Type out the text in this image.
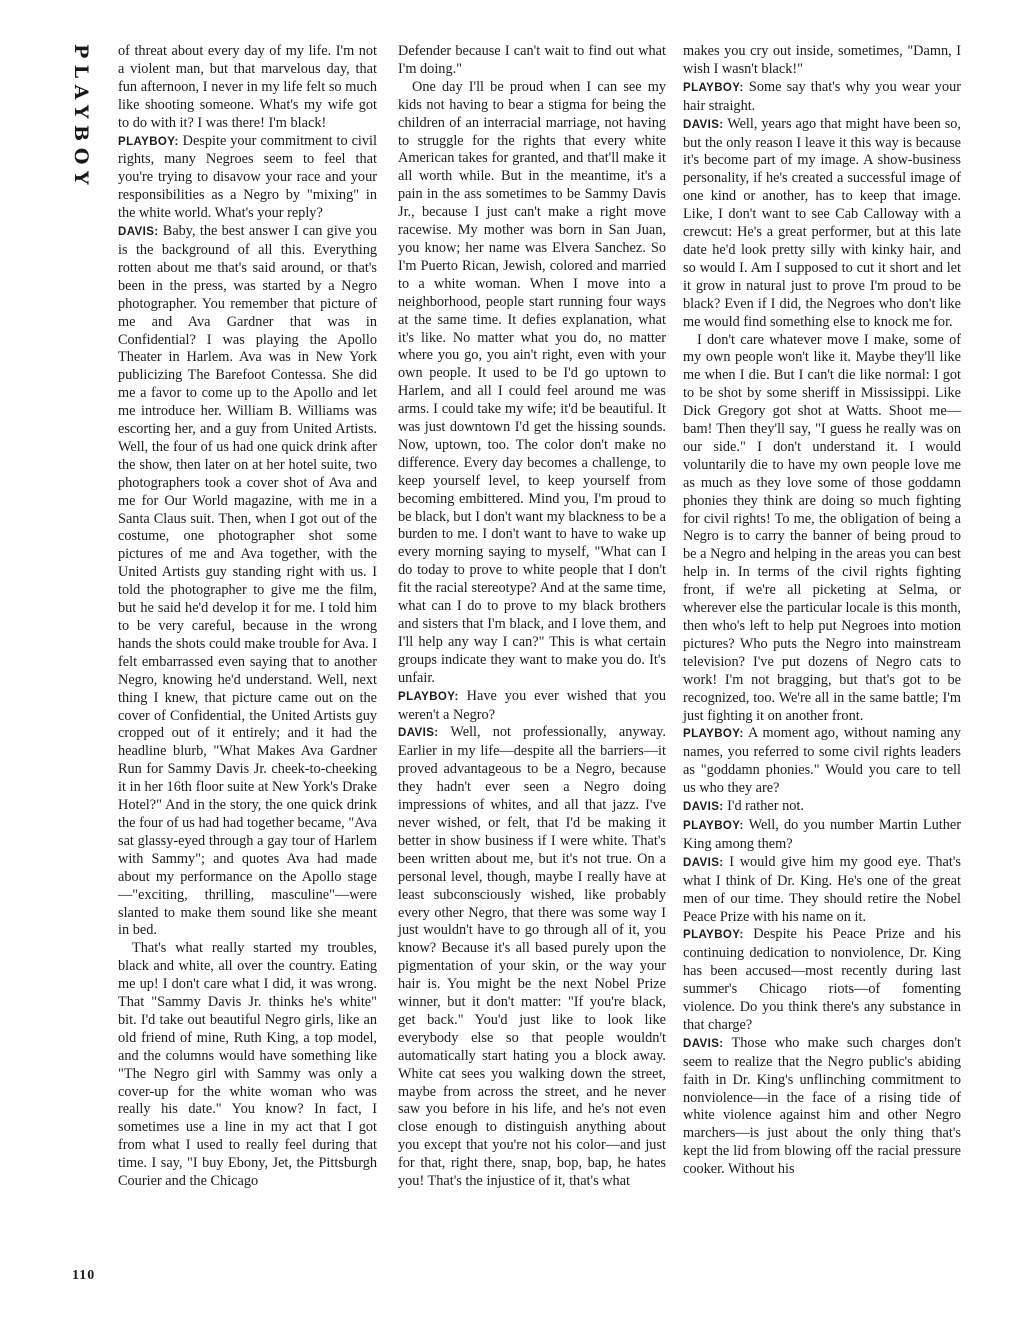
PLAYBOY
110

of threat about every day of my life. I'm not a violent man, but that marvelous day, that fun afternoon, I never in my life felt so much like shooting someone. What's my wife got to do with it? I was there! I'm black!

PLAYBOY: Despite your commitment to civil rights, many Negroes seem to feel that you're trying to disavow your race and your responsibilities as a Negro by "mixing" in the white world. What's your reply?

DAVIS: Baby, the best answer I can give you is the background of all this. Everything rotten about me that's said around, or that's been in the press, was started by a Negro photographer. You remember that picture of me and Ava Gardner that was in Confidential? I was playing the Apollo Theater in Harlem. Ava was in New York publicizing The Barefoot Contessa. She did me a favor to come up to the Apollo and let me introduce her. William B. Williams was escorting her, and a guy from United Artists. Well, the four of us had one quick drink after the show, then later on at her hotel suite, two photographers took a cover shot of Ava and me for Our World magazine, with me in a Santa Claus suit. Then, when I got out of the costume, one photographer shot some pictures of me and Ava together, with the United Artists guy standing right with us. I told the photographer to give me the film, but he said he'd develop it for me. I told him to be very careful, because in the wrong hands the shots could make trouble for Ava. I felt embarrassed even saying that to another Negro, knowing he'd understand. Well, next thing I knew, that picture came out on the cover of Confidential, the United Artists guy cropped out of it entirely; and it had the headline blurb, "What Makes Ava Gardner Run for Sammy Davis Jr. cheek-to-cheeking it in her 16th floor suite at New York's Drake Hotel?" And in the story, the one quick drink the four of us had had together became, "Ava sat glassy-eyed through a gay tour of Harlem with Sammy"; and quotes Ava had made about my performance on the Apollo stage—"exciting, thrilling, masculine"—were slanted to make them sound like she meant in bed.

That's what really started my troubles, black and white, all over the country. Eating me up! I don't care what I did, it was wrong. That "Sammy Davis Jr. thinks he's white" bit. I'd take out beautiful Negro girls, like an old friend of mine, Ruth King, a top model, and the columns would have something like "The Negro girl with Sammy was only a cover-up for the white woman who was really his date." You know? In fact, I sometimes use a line in my act that I got from what I used to really feel during that time. I say, "I buy Ebony, Jet, the Pittsburgh Courier and the Chicago

Defender because I can't wait to find out what I'm doing."

One day I'll be proud when I can see my kids not having to bear a stigma for being the children of an interracial marriage, not having to struggle for the rights that every white American takes for granted, and that'll make it all worth while. But in the meantime, it's a pain in the ass sometimes to be Sammy Davis Jr., because I just can't make a right move racewise. My mother was born in San Juan, you know; her name was Elvera Sanchez. So I'm Puerto Rican, Jewish, colored and married to a white woman. When I move into a neighborhood, people start running four ways at the same time. It defies explanation, what it's like. No matter what you do, no matter where you go, you ain't right, even with your own people. It used to be I'd go uptown to Harlem, and all I could feel around me was arms. I could take my wife; it'd be beautiful. It was just downtown I'd get the hissing sounds. Now, uptown, too. The color don't make no difference. Every day becomes a challenge, to keep yourself level, to keep yourself from becoming embittered. Mind you, I'm proud to be black, but I don't want my blackness to be a burden to me. I don't want to have to wake up every morning saying to myself, "What can I do today to prove to white people that I don't fit the racial stereotype? And at the same time, what can I do to prove to my black brothers and sisters that I'm black, and I love them, and I'll help any way I can?" This is what certain groups indicate they want to make you do. It's unfair.

PLAYBOY: Have you ever wished that you weren't a Negro?

DAVIS: Well, not professionally, anyway. Earlier in my life—despite all the barriers—it proved advantageous to be a Negro, because they hadn't ever seen a Negro doing impressions of whites, and all that jazz. I've never wished, or felt, that I'd be making it better in show business if I were white. That's been written about me, but it's not true. On a personal level, though, maybe I really have at least subconsciously wished, like probably every other Negro, that there was some way I just wouldn't have to go through all of it, you know? Because it's all based purely upon the pigmentation of your skin, or the way your hair is. You might be the next Nobel Prize winner, but it don't matter: "If you're black, get back." You'd just like to look like everybody else so that people wouldn't automatically start hating you a block away. White cat sees you walking down the street, maybe from across the street, and he never saw you before in his life, and he's not even close enough to distinguish anything about you except that you're not his color—and just for that, right there, snap, bop, bap, he hates you! That's the injustice of it, that's what

makes you cry out inside, sometimes, "Damn, I wish I wasn't black!"

PLAYBOY: Some say that's why you wear your hair straight.

DAVIS: Well, years ago that might have been so, but the only reason I leave it this way is because it's become part of my image. A show-business personality, if he's created a successful image of one kind or another, has to keep that image. Like, I don't want to see Cab Calloway with a crewcut: He's a great performer, but at this late date he'd look pretty silly with kinky hair, and so would I. Am I supposed to cut it short and let it grow in natural just to prove I'm proud to be black? Even if I did, the Negroes who don't like me would find something else to knock me for.

I don't care whatever move I make, some of my own people won't like it. Maybe they'll like me when I die. But I can't die like normal: I got to be shot by some sheriff in Mississippi. Like Dick Gregory got shot at Watts. Shoot me—bam! Then they'll say, "I guess he really was on our side." I don't understand it. I would voluntarily die to have my own people love me as much as they love some of those goddamn phonies they think are doing so much fighting for civil rights! To me, the obligation of being a Negro is to carry the banner of being proud to be a Negro and helping in the areas you can best help in. In terms of the civil rights fighting front, if we're all picketing at Selma, or wherever else the particular locale is this month, then who's left to help put Negroes into motion pictures? Who puts the Negro into mainstream television? I've put dozens of Negro cats to work! I'm not bragging, but that's got to be recognized, too. We're all in the same battle; I'm just fighting it on another front.

PLAYBOY: A moment ago, without naming any names, you referred to some civil rights leaders as "goddamn phonies." Would you care to tell us who they are?

DAVIS: I'd rather not.

PLAYBOY: Well, do you number Martin Luther King among them?

DAVIS: I would give him my good eye. That's what I think of Dr. King. He's one of the great men of our time. They should retire the Nobel Peace Prize with his name on it.

PLAYBOY: Despite his Peace Prize and his continuing dedication to nonviolence, Dr. King has been accused—most recently during last summer's Chicago riots—of fomenting violence. Do you think there's any substance in that charge?

DAVIS: Those who make such charges don't seem to realize that the Negro public's abiding faith in Dr. King's unflinching commitment to nonviolence—in the face of a rising tide of white violence against him and other Negro marchers—is just about the only thing that's kept the lid from blowing off the racial pressure cooker. Without his
